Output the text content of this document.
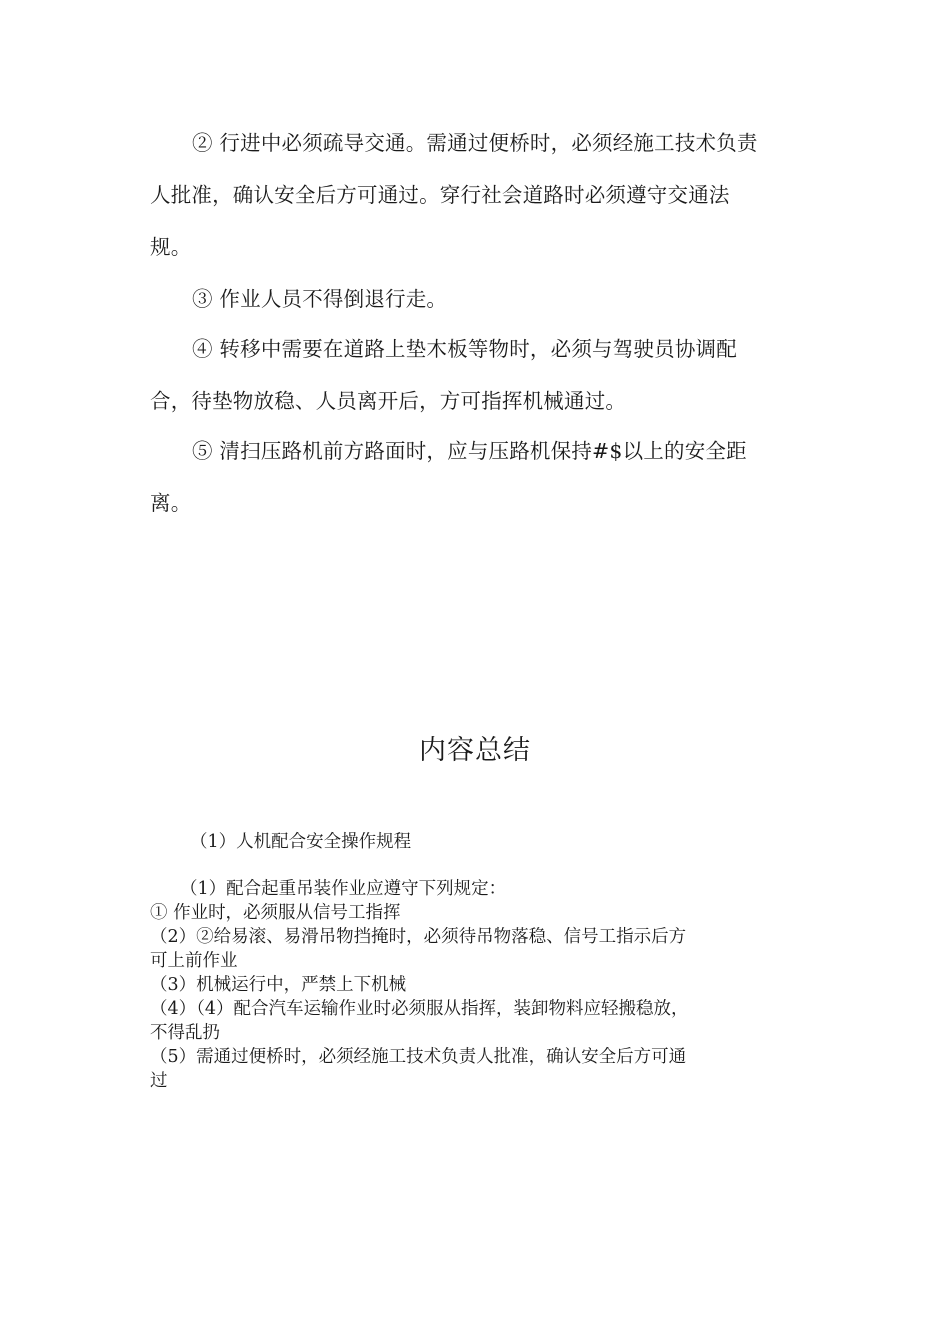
② 行进中必须疏导交通。需通过便桥时，必须经施工技术负责
人批准，确认安全后方可通过。穿行社会道路时必须遵守交通法
规。
③ 作业人员不得倒退行走。
④ 转移中需要在道路上垫木板等物时，必须与驾驶员协调配
合，待垫物放稳、人员离开后，方可指挥机械通过。
⑤ 清扫压路机前方路面时，应与压路机保持#$以上的安全距
离。
内容总结
（1）人机配合安全操作规程
（1）配合起重吊装作业应遵守下列规定：
① 作业时，必须服从信号工指挥
（2）②给易滚、易滑吊物挡掩时，必须待吊物落稳、信号工指示后方
可上前作业
（3）机械运行中，严禁上下机械
（4）（4）配合汽车运输作业时必须服从指挥，装卸物料应轻搬稳放，
不得乱扔
（5）需通过便桥时，必须经施工技术负责人批准，确认安全后方可通
过
